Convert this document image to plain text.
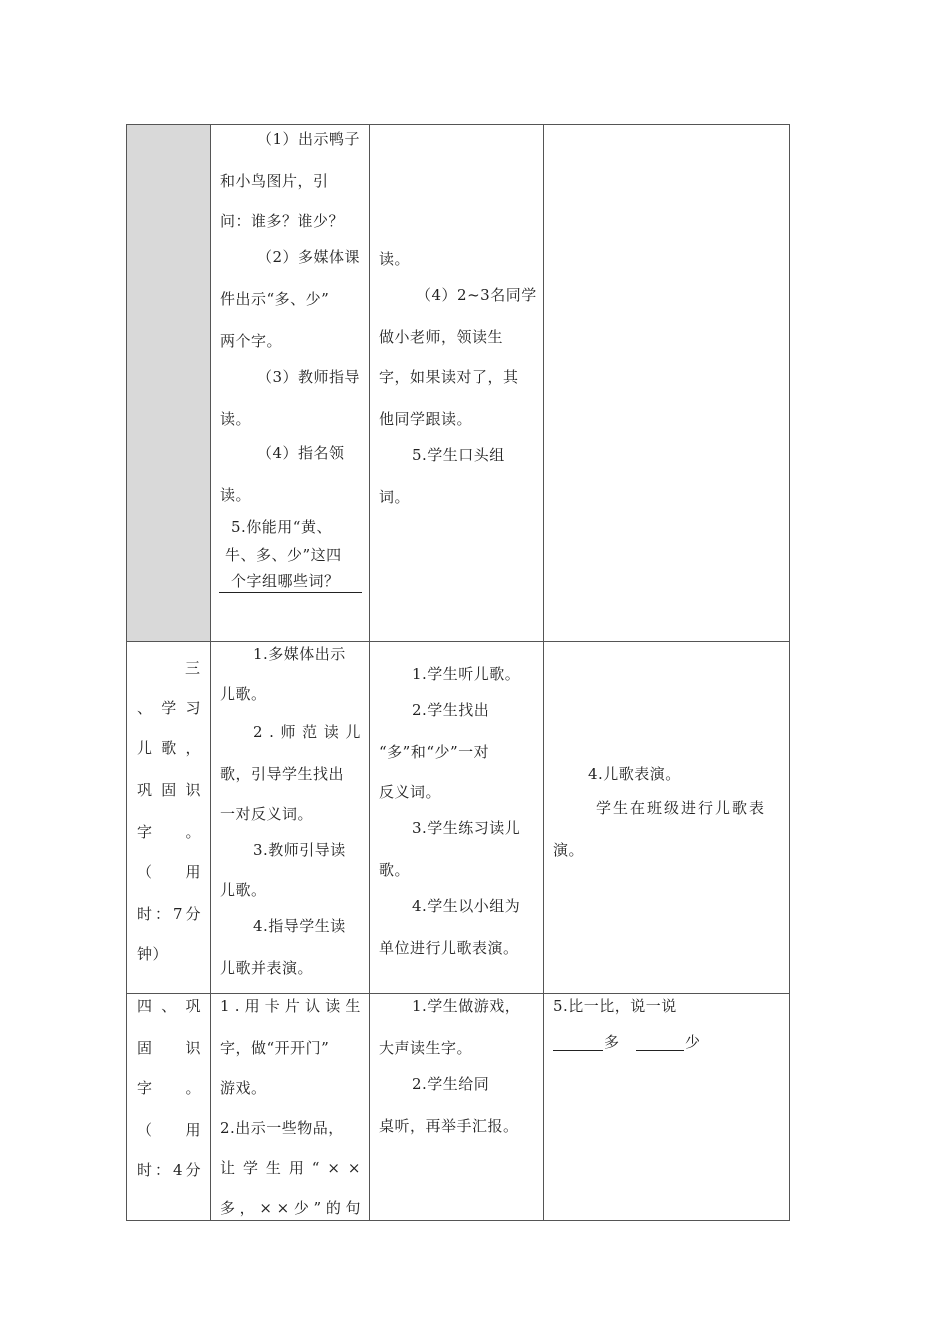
（1）出示鸭子
和小鸟图片，引
问：谁多？谁少？
（2）多媒体课
件出示“多、少”
两个字。
（3）教师指导
读。
（4）指名领
读。
5.你能用“黄、
牛、多、少”这四
个字组哪些词？
读。
（4）2~3名同学
做小老师，领读生
字，如果读对了，其
他同学跟读。
5.学生口头组
词。
三
、 学 习
儿 歌 ，
巩 固 识
字
　 。
（
　 用
时 ： 7 分
钟）
1.多媒体出示
儿歌。
2 . 师 范 读 儿
歌，引导学生找出
一对反义词。
3.教师引导读
儿歌。
4.指导学生读
儿歌并表演。
1.学生听儿歌。
2.学生找出
“多”和“少”一对
反义词。
3.学生练习读儿
歌。
4.学生以小组为
单位进行儿歌表演。
4.儿歌表演。
学生在班级进行儿歌表
演。
四 、 巩
固
　 识
字
　 。
（
　 用
时 ： 4 分
1 . 用 卡 片 认 读 生
字，做“开开门”
游戏。
2.出示一些物品，
让 学 生 用 “ × ×
多 ， × × 少 ” 的 句
1.学生做游戏，
大声读生字。
2.学生给同
桌听，再举手汇报。
5.比一比，说一说
多	少
